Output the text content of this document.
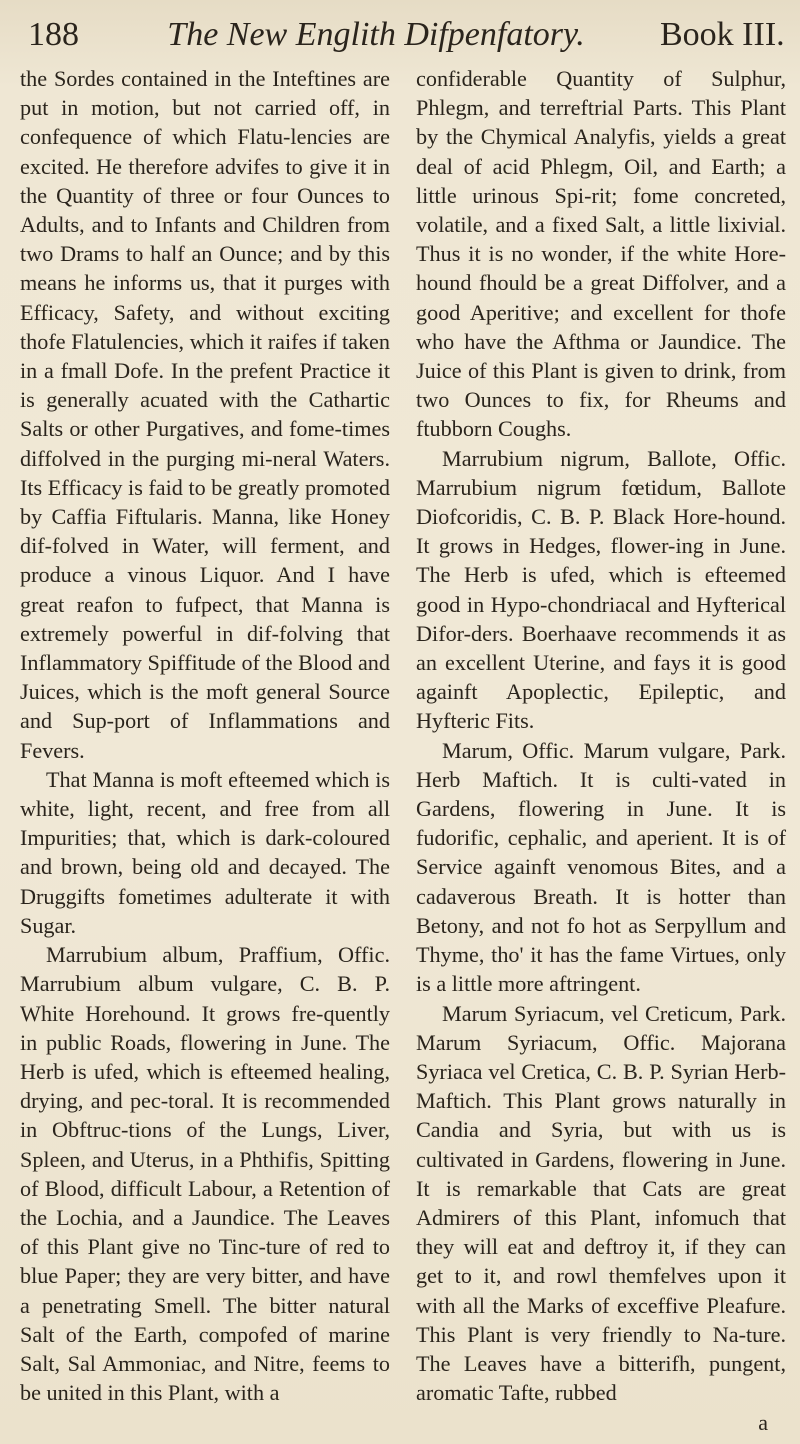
188	The New Englith Difpenfatory.	Book III.

the Sordes contained in the Inteftines are put in motion, but not carried off, in confequence of which Flatu-lencies are excited. He therefore advifes to give it in the Quantity of three or four Ounces to Adults, and to Infants and Children from two Drams to half an Ounce; and by this means he informs us, that it purges with Efficacy, Safety, and without exciting thofe Flatulencies, which it raifes if taken in a fmall Dofe. In the prefent Practice it is generally acuated with the Cathartic Salts or other Purgatives, and fome-times diffolved in the purging mi-neral Waters. Its Efficacy is faid to be greatly promoted by Caffia Fiftularis. Manna, like Honey dif-folved in Water, will ferment, and produce a vinous Liquor. And I have great reafon to fufpect, that Manna is extremely powerful in dif-folving that Inflammatory Spiffitude of the Blood and Juices, which is the moft general Source and Sup-port of Inflammations and Fevers.

That Manna is moft efteemed which is white, light, recent, and free from all Impurities; that, which is dark-coloured and brown, being old and decayed. The Druggifts fometimes adulterate it with Sugar.

Marrubium album, Praffium, Offic. Marrubium album vulgare, C. B. P. White Horehound. It grows fre-quently in public Roads, flowering in June. The Herb is ufed, which is efteemed healing, drying, and pec-toral. It is recommended in Obftruc-tions of the Lungs, Liver, Spleen, and Uterus, in a Phthifis, Spitting of Blood, difficult Labour, a Retention of the Lochia, and a Jaundice. The Leaves of this Plant give no Tinc-ture of red to blue Paper; they are very bitter, and have a penetrating Smell. The bitter natural Salt of the Earth, compofed of marine Salt, Sal Ammoniac, and Nitre, feems to be united in this Plant, with a

confiderable Quantity of Sulphur, Phlegm, and terreftrial Parts. This Plant by the Chymical Analyfis, yields a great deal of acid Phlegm, Oil, and Earth; a little urinous Spi-rit; fome concreted, volatile, and a fixed Salt, a little lixivial. Thus it is no wonder, if the white Hore-hound fhould be a great Diffolver, and a good Aperitive; and excellent for thofe who have the Afthma or Jaundice. The Juice of this Plant is given to drink, from two Ounces to fix, for Rheums and ftubborn Coughs.

Marrubium nigrum, Ballote, Offic. Marrubium nigrum fœtidum, Ballote Diofcoridis, C. B. P. Black Hore-hound. It grows in Hedges, flower-ing in June. The Herb is ufed, which is efteemed good in Hypo-chondriacal and Hyfterical Difor-ders. Boerhaave recommends it as an excellent Uterine, and fays it is good againft Apoplectic, Epileptic, and Hyfteric Fits.

Marum, Offic. Marum vulgare, Park. Herb Maftich. It is culti-vated in Gardens, flowering in June. It is fudorific, cephalic, and aperient. It is of Service againft venomous Bites, and a cadaverous Breath. It is hotter than Betony, and not fo hot as Serpyllum and Thyme, tho' it has the fame Virtues, only is a little more aftringent.

Marum Syriacum, vel Creticum, Park. Marum Syriacum, Offic. Majorana Syriaca vel Cretica, C. B. P. Syrian Herb-Maftich. This Plant grows naturally in Candia and Syria, but with us is cultivated in Gardens, flowering in June. It is remarkable that Cats are great Admirers of this Plant, infomuch that they will eat and deftroy it, if they can get to it, and rowl themfelves upon it with all the Marks of exceffive Pleafure. This Plant is very friendly to Na-ture. The Leaves have a bitterifh, pungent, aromatic Tafte, rubbed

a
